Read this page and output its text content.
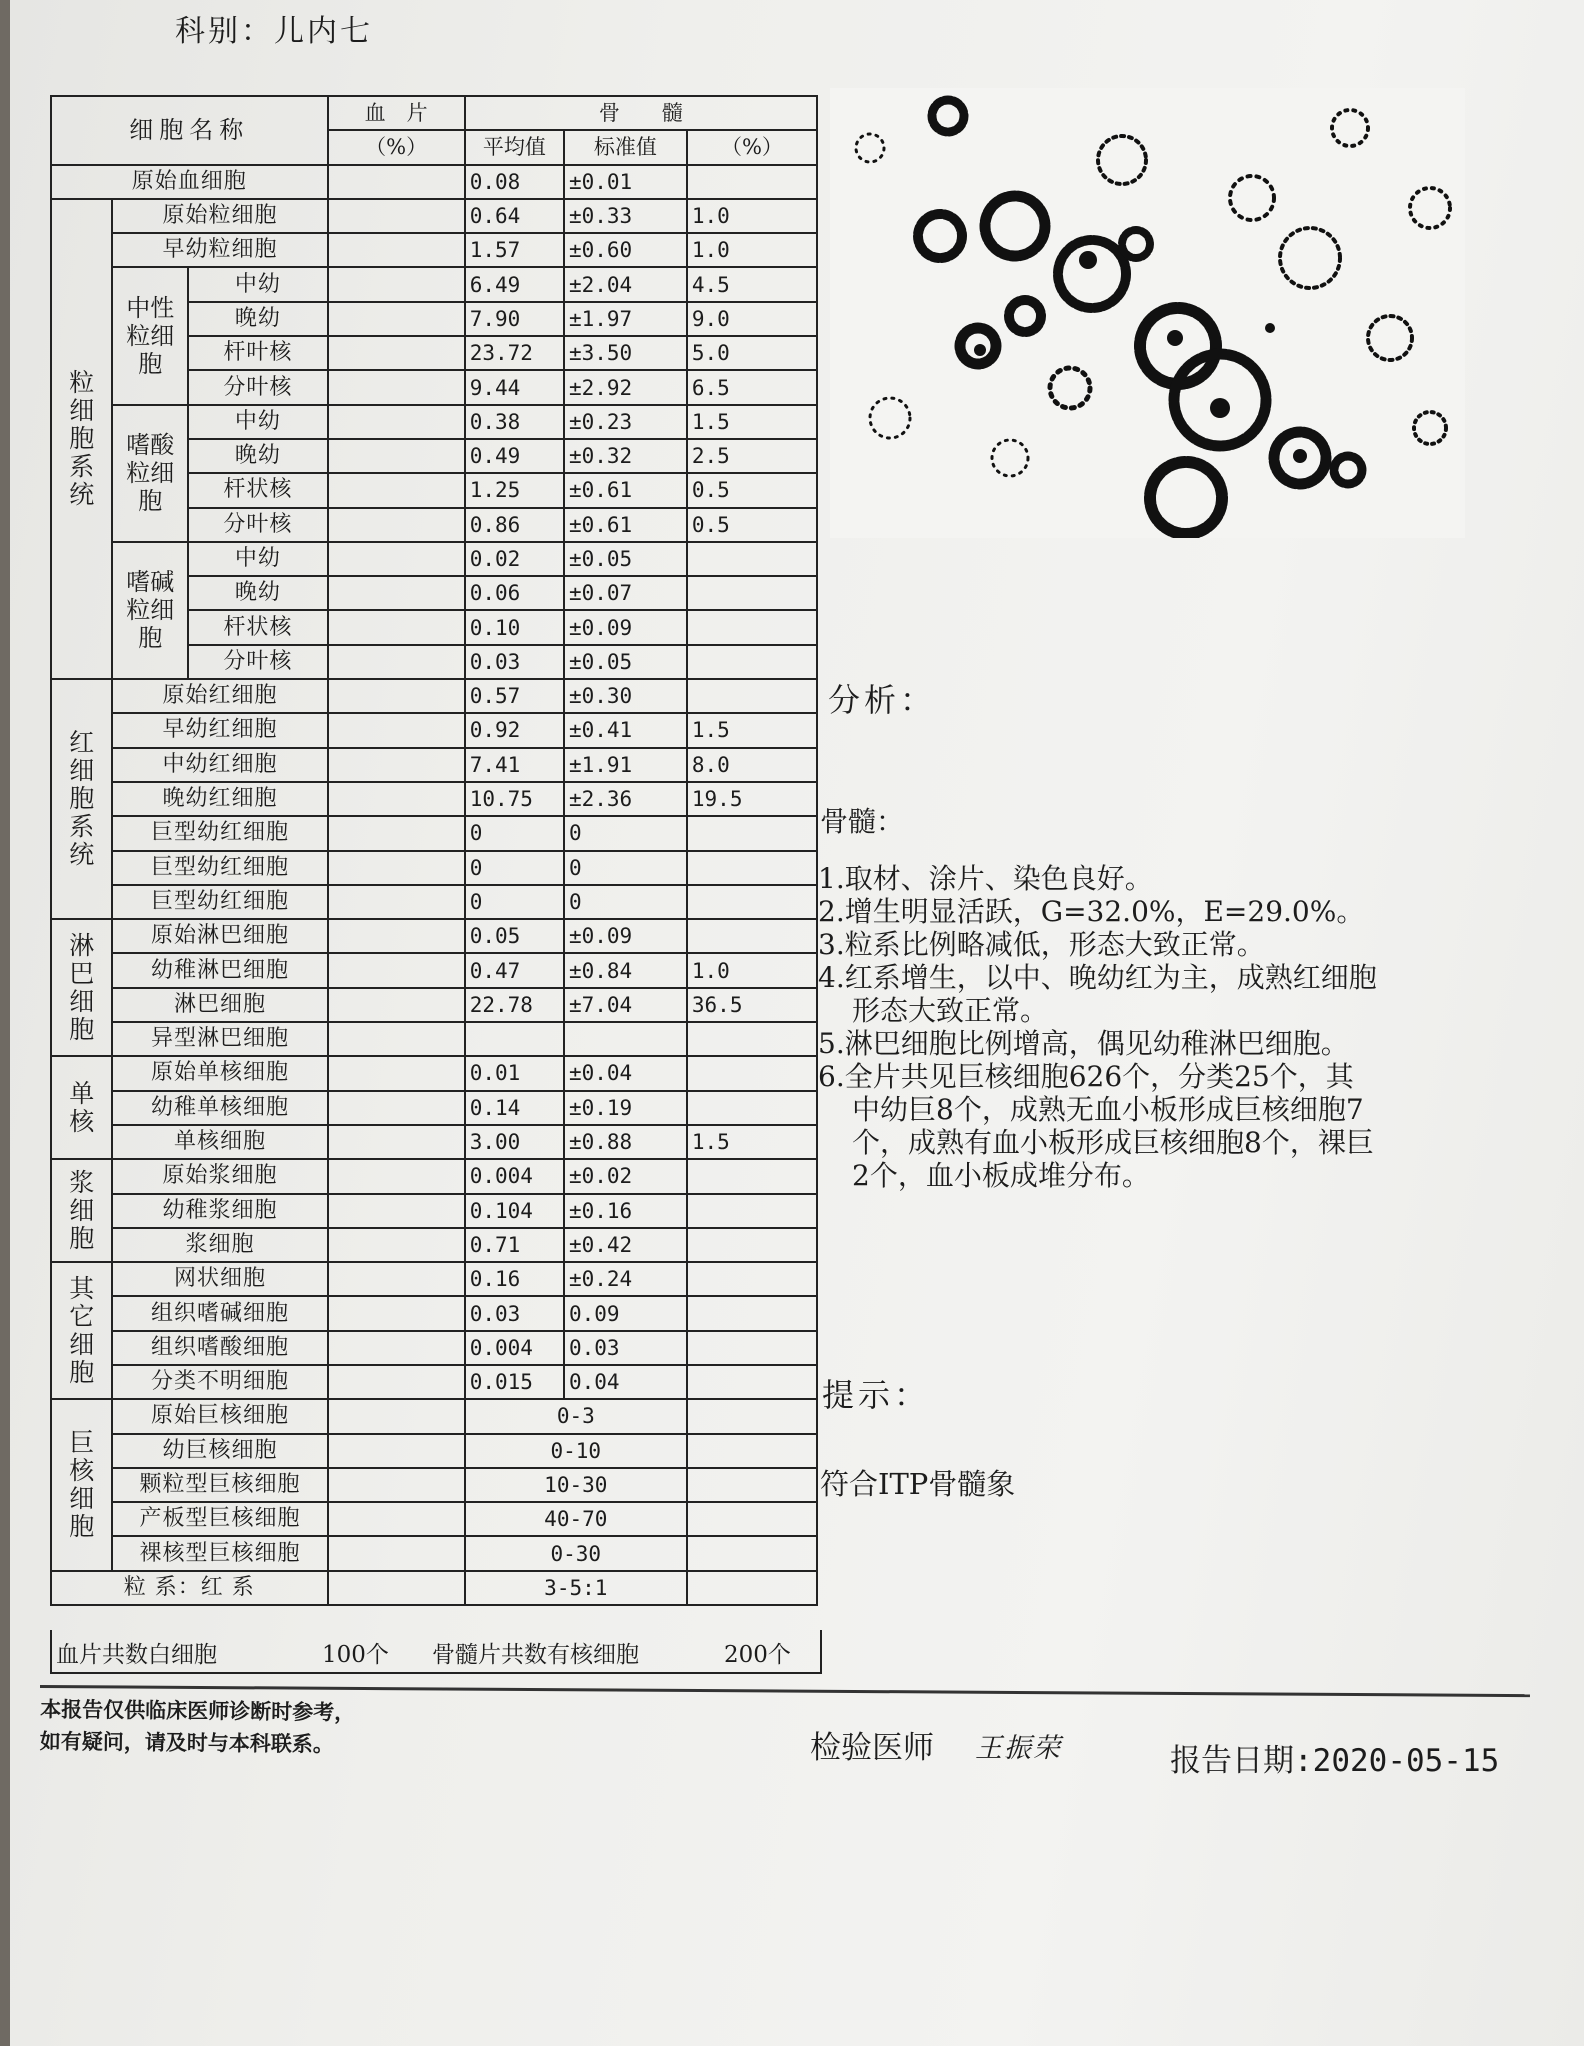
科别：儿内七
细胞名称			血　片	骨　　髓		
			（%）	平均值	标准值	（%）
原始血细胞				0.08	±0.01	
粒细胞系统	原始粒细胞			0.64	±0.33	1.0
	早幼粒细胞			1.57	±0.60	1.0
	中性粒细胞	中幼		6.49	±2.04	4.5
		晚幼		7.90	±1.97	9.0
		杆叶核		23.72	±3.50	5.0
		分叶核		9.44	±2.92	6.5
	嗜酸粒细胞	中幼		0.38	±0.23	1.5
		晚幼		0.49	±0.32	2.5
		杆状核		1.25	±0.61	0.5
		分叶核		0.86	±0.61	0.5
	嗜碱粒细胞	中幼		0.02	±0.05	
		晚幼		0.06	±0.07	
		杆状核		0.10	±0.09	
		分叶核		0.03	±0.05	
红细胞系统	原始红细胞			0.57	±0.30	
	早幼红细胞			0.92	±0.41	1.5
	中幼红细胞			7.41	±1.91	8.0
	晚幼红细胞			10.75	±2.36	19.5
	巨型幼红细胞			0	0	
	巨型幼红细胞			0	0	
	巨型幼红细胞			0	0	
淋巴细胞	原始淋巴细胞			0.05	±0.09	
	幼稚淋巴细胞			0.47	±0.84	1.0
	淋巴细胞			22.78	±7.04	36.5
	异型淋巴细胞					
单核	原始单核细胞			0.01	±0.04	
	幼稚单核细胞			0.14	±0.19	
	单核细胞			3.00	±0.88	1.5
浆细胞	原始浆细胞			0.004	±0.02	
	幼稚浆细胞			0.104	±0.16	
	浆细胞			0.71	±0.42	
其它细胞	网状细胞			0.16	±0.24	
	组织嗜碱细胞			0.03	0.09	
	组织嗜酸细胞			0.004	0.03	
	分类不明细胞			0.015	0.04	
巨核细胞	原始巨核细胞			0-3		
	幼巨核细胞			0-10		
	颗粒型巨核细胞			10-30		
	产板型巨核细胞			40-70		
	裸核型巨核细胞			0-30		
粒 系：红 系				3-5:1		
血片共数白细胞	100个 骨髓片共数有核细胞	200个
分析：
骨髓：

1.取材、涂片、染色良好。

2.增生明显活跃，G=32.0%，E=29.0%。

3.粒系比例略减低，形态大致正常。

4.红系增生，以中、晚幼红为主，成熟红细胞形态大致正常。

5.淋巴细胞比例增高，偶见幼稚淋巴细胞。

6.全片共见巨核细胞626个，分类25个，其中幼巨8个，成熟无血小板形成巨核细胞7个，成熟有血小板形成巨核细胞8个，裸巨2个，血小板成堆分布。

提示：
符合ITP骨髓象
本报告仅供临床医师诊断时参考，
如有疑问，请及时与本科联系。	检验医师 王振荣	报告日期:2020-05-15
